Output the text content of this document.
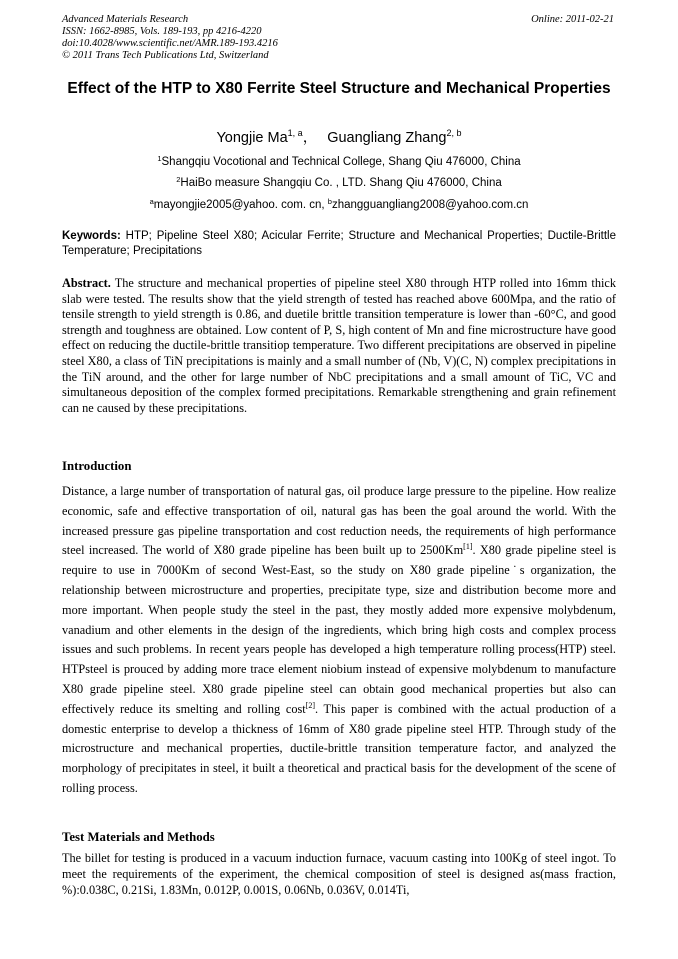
Advanced Materials Research
ISSN: 1662-8985, Vols. 189-193, pp 4216-4220
doi:10.4028/www.scientific.net/AMR.189-193.4216
© 2011 Trans Tech Publications Ltd, Switzerland
Online: 2011-02-21
Effect of the HTP to X80 Ferrite Steel Structure and Mechanical Properties
Yongjie Ma$^{1, a}$， Guangliang Zhang$^{2, b}$
$^1$Shangqiu Vocotional and Technical College, Shang Qiu 476000, China
$^2$HaiBo measure Shangqiu Co. , LTD. Shang Qiu 476000, China
$^a$mayongjie2005@yahoo. com. cn, $^b$zhangguangliang2008@yahoo.com.cn
Keywords: HTP; Pipeline Steel X80; Acicular Ferrite; Structure and Mechanical Properties; Ductile-Brittle Temperature; Precipitations
Abstract. The structure and mechanical properties of pipeline steel X80 through HTP rolled into 16mm thick slab were tested. The results show that the yield strength of tested has reached above 600Mpa, and the ratio of tensile strength to yield strength is 0.86, and duetile brittle transition temperature is lower than -60°C, and good strength and toughness are obtained. Low content of P, S, high content of Mn and fine microstructure have good effect on reducing the ductile-brittle transitiop temperature. Two different precipitations are observed in pipeline steel X80, a class of TiN precipitations is mainly and a small number of (Nb, V)(C, N) complex precipitations in the TiN around, and the other for large number of NbC precipitations and a small amount of TiC, VC and simultaneous deposition of the complex formed precipitations. Remarkable strengthening and grain refinement can ne caused by these precipitations.
Introduction
Distance, a large number of transportation of natural gas, oil produce large pressure to the pipeline. How realize economic, safe and effective transportation of oil, natural gas has been the goal around the world. With the increased pressure gas pipeline transportation and cost reduction needs, the requirements of high performance steel increased. The world of X80 grade pipeline has been built up to 2500Km[1]. X80 grade pipeline steel is require to use in 7000Km of second West-East, so the study on X80 grade pipeline˙s organization, the relationship between microstructure and properties, precipitate type, size and distribution become more and more important. When people study the steel in the past, they mostly added more expensive molybdenum, vanadium and other elements in the design of the ingredients, which bring high costs and complex process issues and such problems. In recent years people has developed a high temperature rolling process(HTP) steel. HTPsteel is prouced by adding more trace element niobium instead of expensive molybdenum to manufacture X80 grade pipeline steel. X80 grade pipeline steel can obtain good mechanical properties but also can effectively reduce its smelting and rolling cost[2]. This paper is combined with the actual production of a domestic enterprise to develop a thickness of 16mm of X80 grade pipeline steel HTP. Through study of the microstructure and mechanical properties, ductile-brittle transition temperature factor, and analyzed the morphology of precipitates in steel, it built a theoretical and practical basis for the development of the scene of rolling process.
Test Materials and Methods
The billet for testing is produced in a vacuum induction furnace, vacuum casting into 100Kg of steel ingot. To meet the requirements of the experiment, the chemical composition of steel is designed as(mass fraction, %):0.038C, 0.21Si, 1.83Mn, 0.012P, 0.001S, 0.06Nb, 0.036V, 0.014Ti,
